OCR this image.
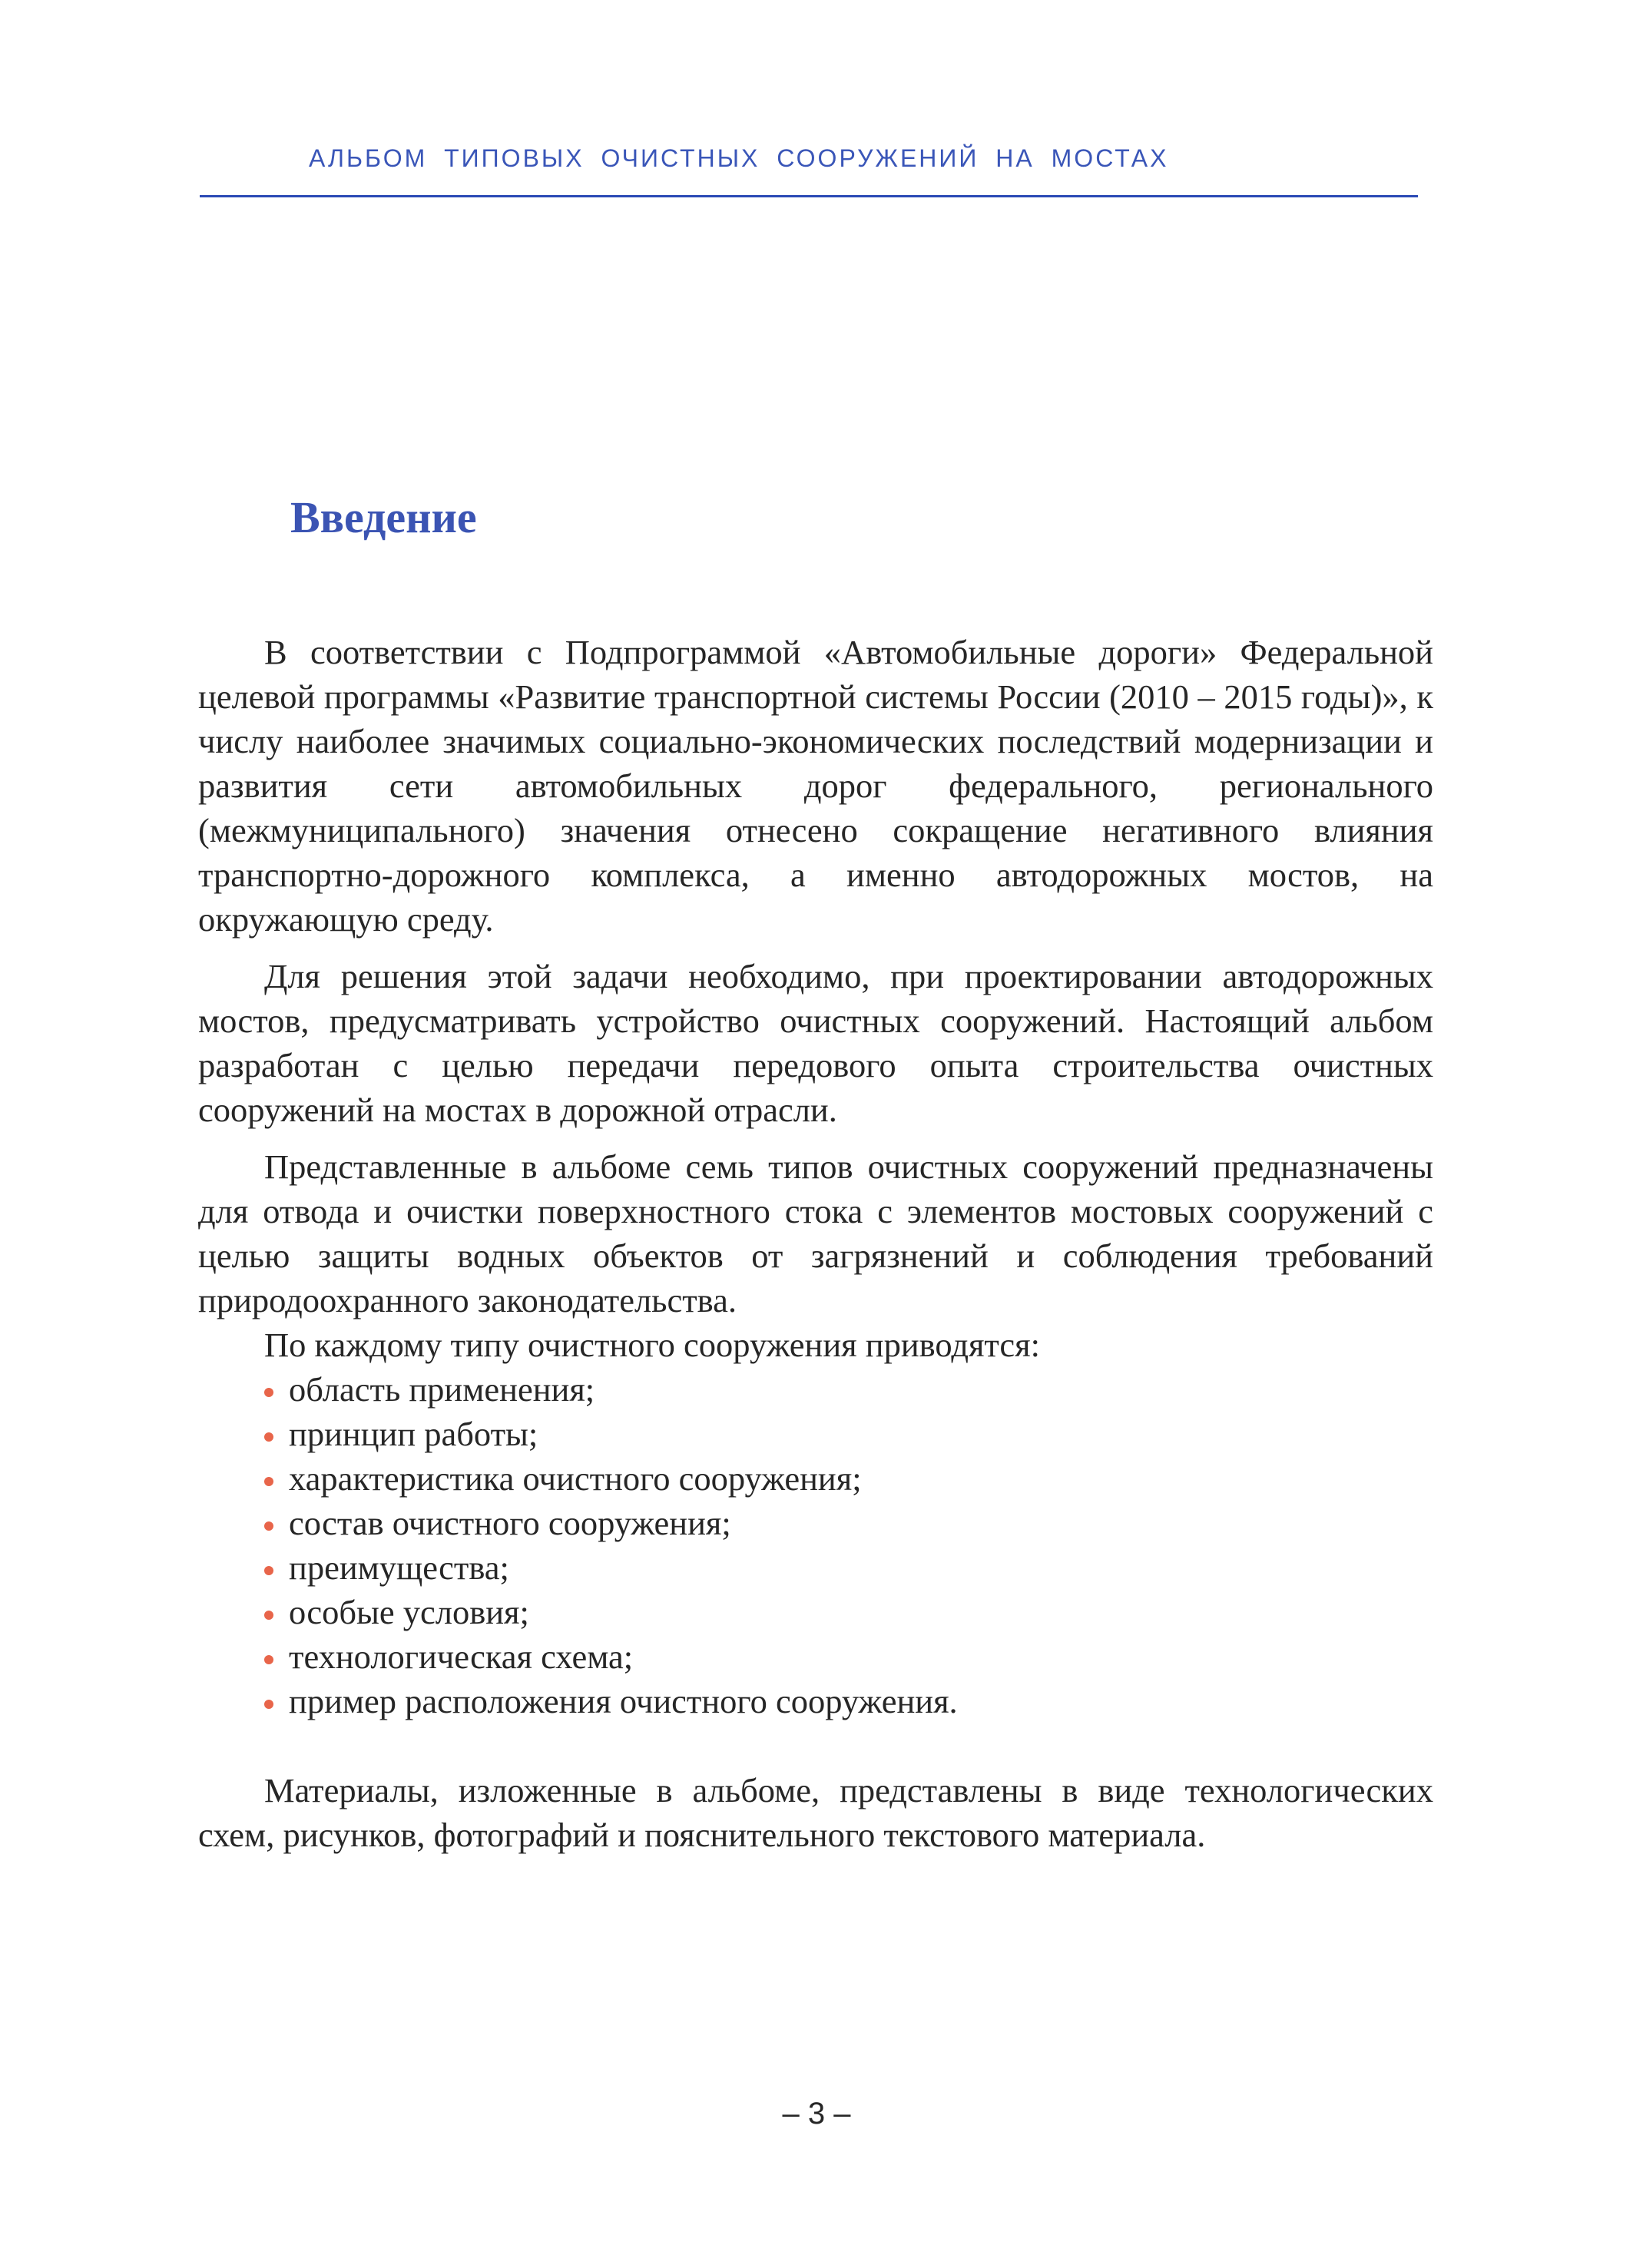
АЛЬБОМ ТИПОВЫХ ОЧИСТНЫХ СООРУЖЕНИЙ НА МОСТАХ
Введение

В соответствии с Подпрограммой «Автомобильные дороги» Федеральной целевой программы «Развитие транспортной системы России (2010 – 2015 годы)», к числу наиболее значимых социально-экономических последствий модернизации и развития сети автомобильных дорог федерального, регионального (межмуниципального) значения отнесено сокращение негативного влияния транспортно-дорожного комплекса, а именно автодорожных мостов, на окружающую среду.

Для решения этой задачи необходимо, при проектировании автодорожных мостов, предусматривать устройство очистных сооружений. Настоящий альбом разработан с целью передачи передового опыта строительства очистных сооружений на мостах в дорожной отрасли.

Представленные в альбоме семь типов очистных сооружений предназначены для отвода и очистки поверхностного стока с элементов мостовых сооружений с целью защиты водных объектов от загрязнений и соблюдения требований природоохранного законодательства.

По каждому типу очистного сооружения приводятся:

область применения;
принцип работы;
характеристика очистного сооружения;
состав очистного сооружения;
преимущества;
особые условия;
технологическая схема;
пример расположения очистного сооружения.

Материалы, изложенные в альбоме, представлены в виде технологических схем, рисунков, фотографий и пояснительного текстового материала.

– 3 –
